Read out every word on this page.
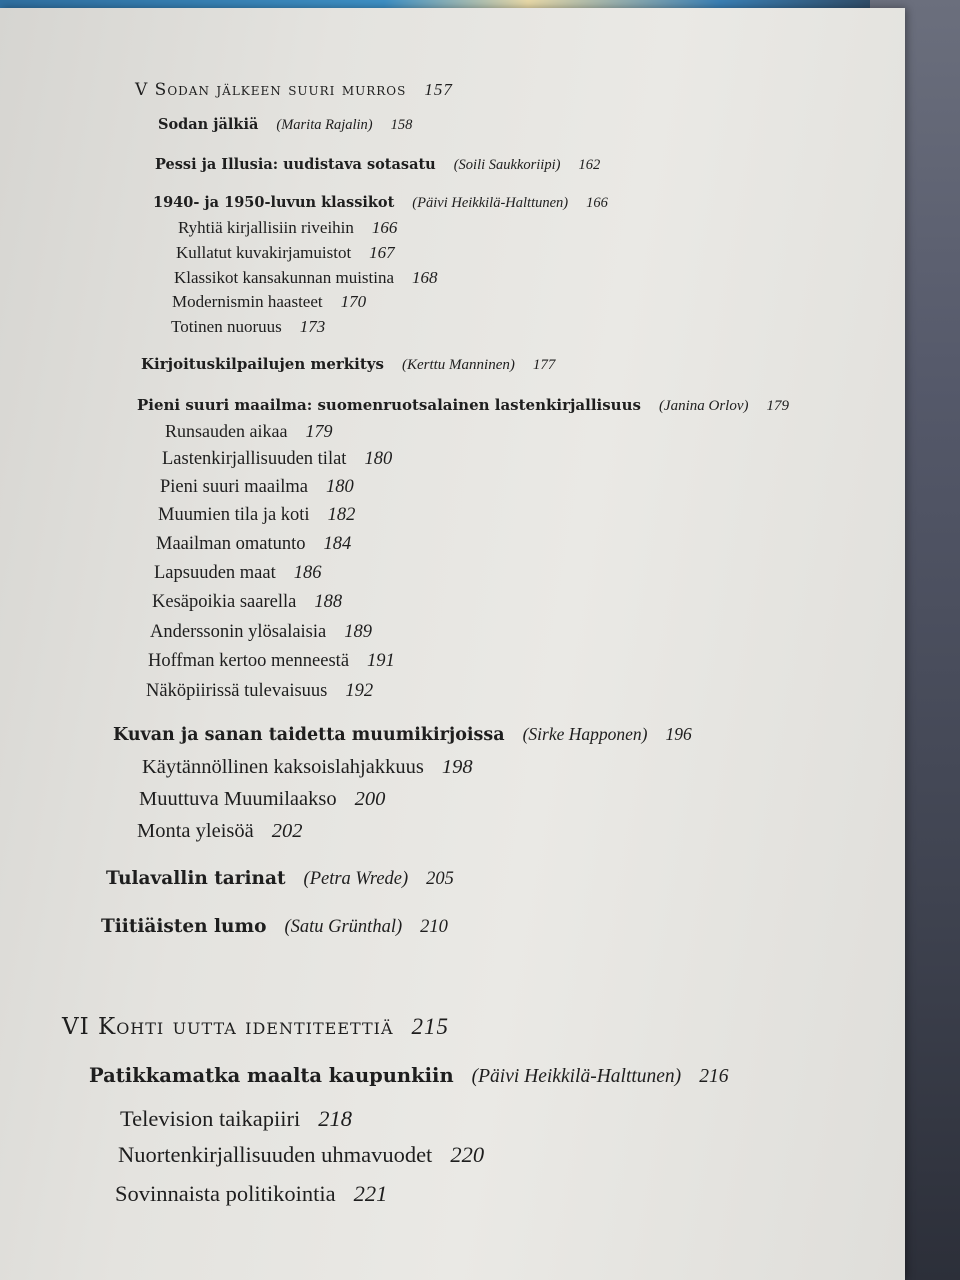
V Sodan jälkeen suuri murros 157
Sodan jälkiä (Marita Rajalin) 158
Pessi ja Illusia: uudistava sotasatu (Soili Saukkoriipi) 162
1940- ja 1950-luvun klassikot (Päivi Heikkilä-Halttunen) 166
Ryhtiä kirjallisiin riveihin 166
Kullatut kuvakirjamuistot 167
Klassikot kansakunnan muistina 168
Modernismin haasteet 170
Totinen nuoruus 173
Kirjoituskilpailujen merkitys (Kerttu Manninen) 177
Pieni suuri maailma: suomenruotsalainen lastenkirjallisuus (Janina Orlov) 179
Runsauden aikaa 179
Lastenkirjallisuuden tilat 180
Pieni suuri maailma 180
Muumien tila ja koti 182
Maailman omatunto 184
Lapsuuden maat 186
Kesäpoikia saarella 188
Anderssonin ylösalaisia 189
Hoffman kertoo menneestä 191
Näköpiirissä tulevaisuus 192
Kuvan ja sanan taidetta muumikirjoissa (Sirke Happonen) 196
Käytännöllinen kaksoislahjakkuus 198
Muuttuva Muumilaakso 200
Monta yleisöä 202
Tulavallin tarinat (Petra Wrede) 205
Tiitiäisten lumo (Satu Grünthal) 210
VI Kohti uutta identiteettiä 215
Patikkamatka maalta kaupunkiin (Päivi Heikkilä-Halttunen) 216
Television taikapiiri 218
Nuortenkirjallisuuden uhmavuodet 220
Sovinnaista politikointia 221
